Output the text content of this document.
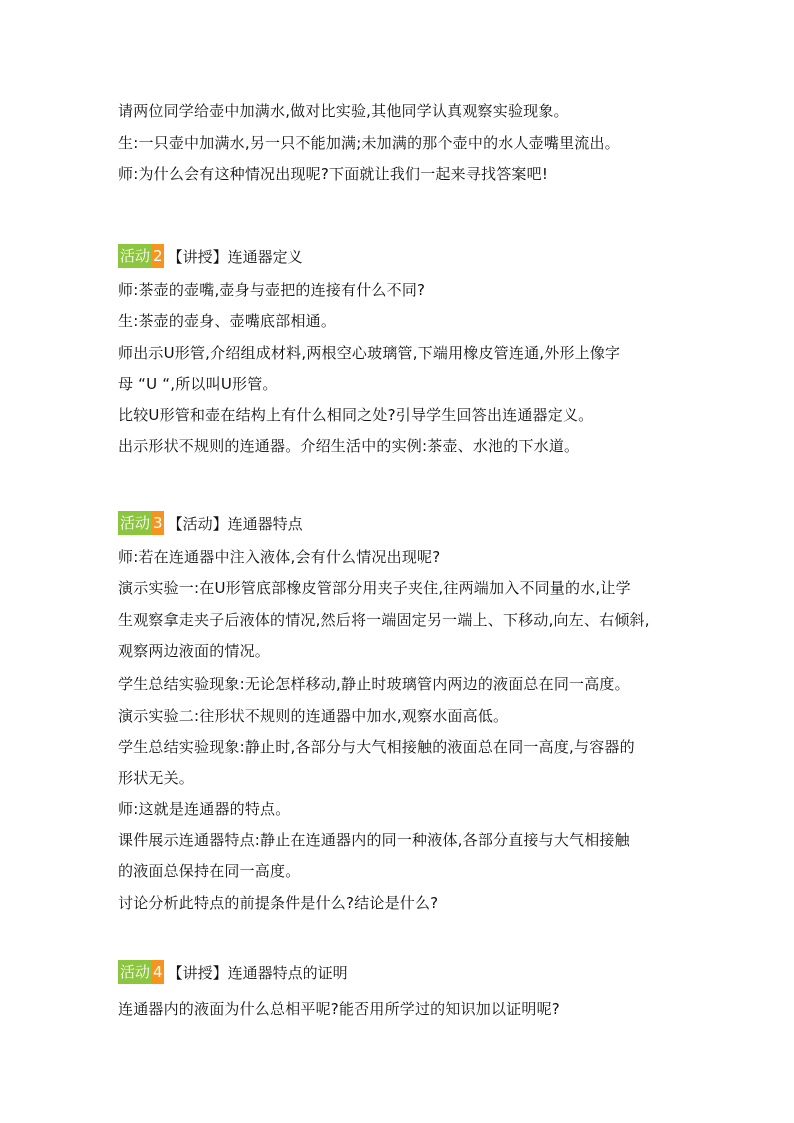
请两位同学给壶中加满水,做对比实验,其他同学认真观察实验现象。
生:一只壶中加满水,另一只不能加满;未加满的那个壶中的水人壶嘴里流出。
师:为什么会有这种情况出现呢?下面就让我们一起来寻找答案吧!
活动 2 【讲授】连通器定义
师:茶壶的壶嘴,壶身与壶把的连接有什么不同?
生:茶壶的壶身、壶嘴底部相通。
师出示U形管,介绍组成材料,两根空心玻璃管,下端用橡皮管连通,外形上像字
母 “U “,所以叫U形管。
比较U形管和壶在结构上有什么相同之处?引导学生回答出连通器定义。
出示形状不规则的连通器。介绍生活中的实例:茶壶、水池的下水道。
活动 3 【活动】连通器特点
师:若在连通器中注入液体,会有什么情况出现呢?
演示实验一:在U形管底部橡皮管部分用夹子夹住,往两端加入不同量的水,让学
生观察拿走夹子后液体的情况,然后将一端固定另一端上、下移动,向左、右倾斜,
观察两边液面的情况。
学生总结实验现象:无论怎样移动,静止时玻璃管内两边的液面总在同一高度。
演示实验二:往形状不规则的连通器中加水,观察水面高低。
学生总结实验现象:静止时,各部分与大气相接触的液面总在同一高度,与容器的
形状无关。
师:这就是连通器的特点。
课件展示连通器特点:静止在连通器内的同一种液体,各部分直接与大气相接触
的液面总保持在同一高度。
讨论分析此特点的前提条件是什么?结论是什么?
活动 4 【讲授】连通器特点的证明
连通器内的液面为什么总相平呢?能否用所学过的知识加以证明呢?
